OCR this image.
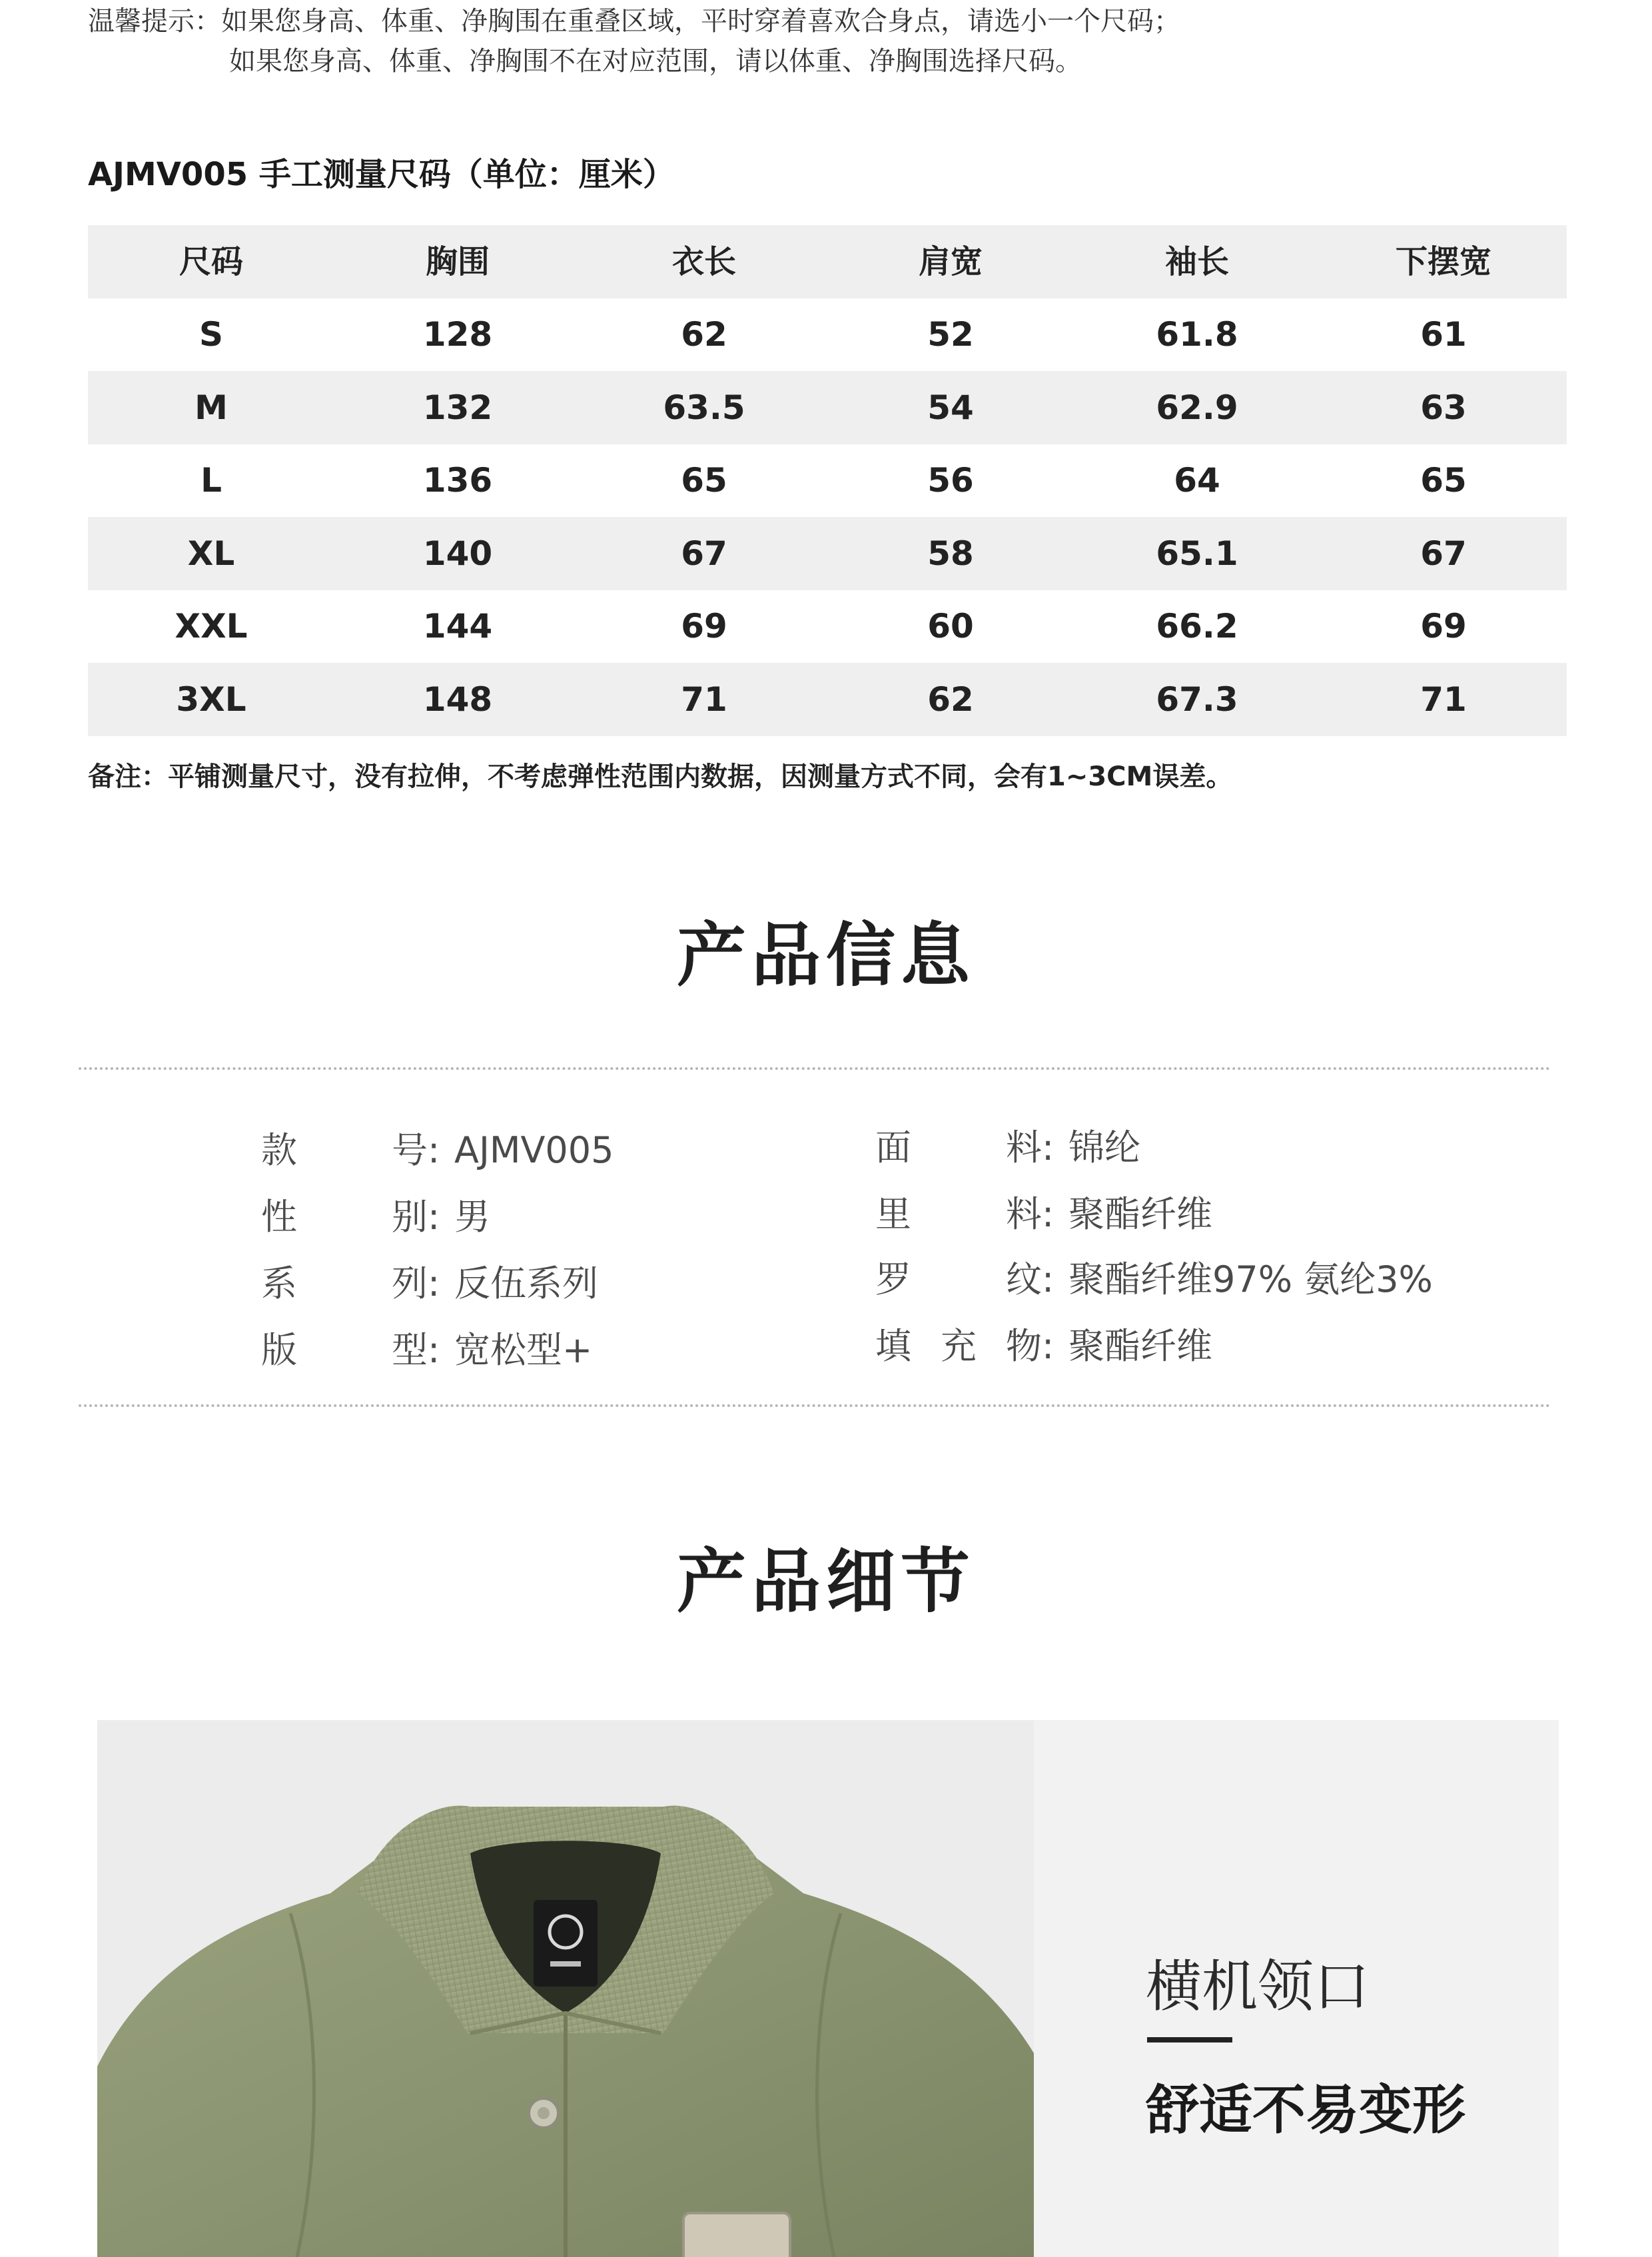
温馨提示：如果您身高、体重、净胸围在重叠区域，平时穿着喜欢合身点，请选小一个尺码；
如果您身高、体重、净胸围不在对应范围，请以体重、净胸围选择尺码。
AJMV005 手工测量尺码（单位：厘米）
尺码	胸围	衣长	肩宽	袖长	下摆宽
S	128	62	52	61.8	61
M	132	63.5	54	62.9	63
L	136	65	56	64	65
XL	140	67	58	65.1	67
XXL	144	69	60	66.2	69
3XL	148	71	62	67.3	71
备注：平铺测量尺寸，没有拉伸，不考虑弹性范围内数据，因测量方式不同，会有1~3CM误差。
产品信息
款号: AJMV005
性别: 男
系列: 反伍系列
版型: 宽松型+
面料: 锦纶
里料: 聚酯纤维
罗纹: 聚酯纤维97% 氨纶3%
填充物: 聚酯纤维
产品细节
横机领口
舒适不易变形
